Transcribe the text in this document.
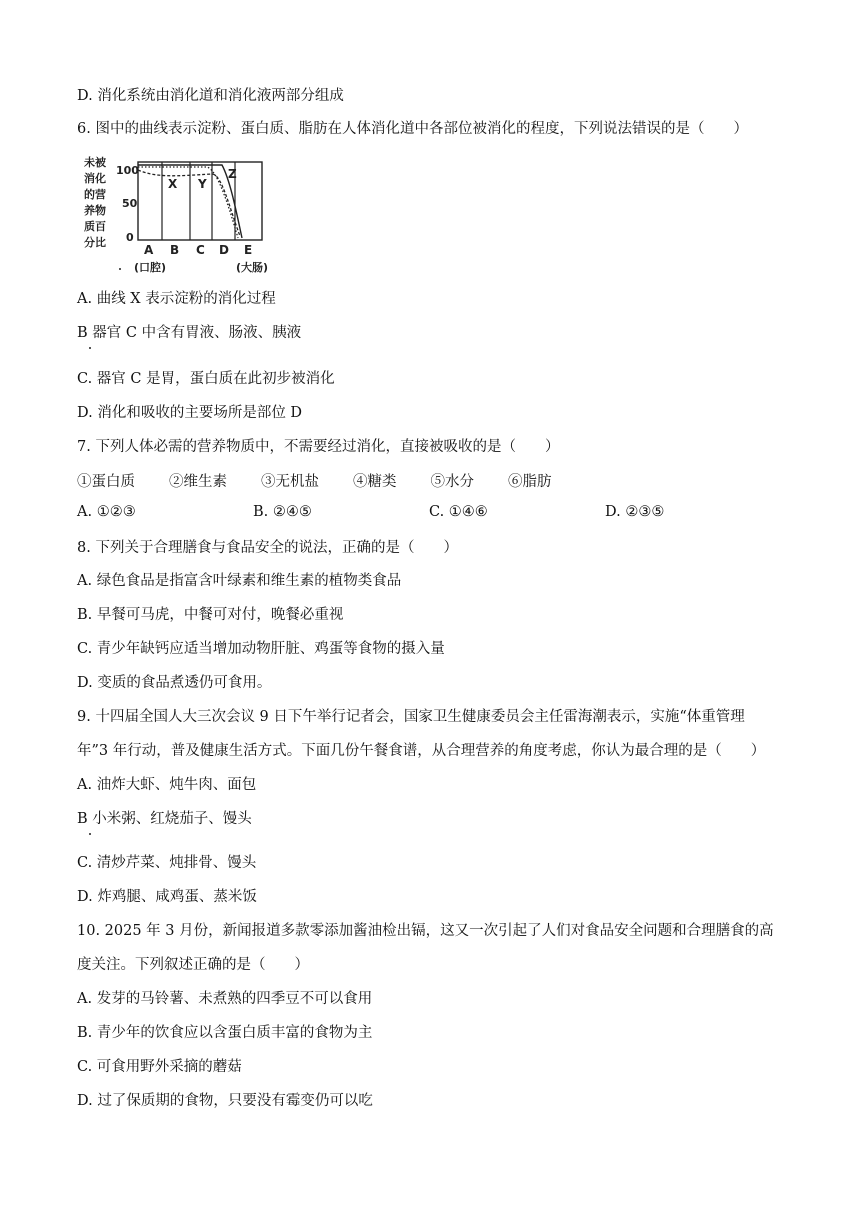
D. 消化系统由消化道和消化液两部分组成
6. 图中的曲线表示淀粉、蛋白质、脂肪在人体消化道中各部位被消化的程度，下列说法错误的是（　　）
未被
消化
的营
养物
质百
分比
100
50
0
X Y
Z
A B C D E
(口腔)	(大肠)
A. 曲线 X 表示淀粉的消化过程
B 器官 C 中含有胃液、肠液、胰液
C. 器官 C 是胃，蛋白质在此初步被消化
D. 消化和吸收的主要场所是部位 D
7. 下列人体必需的营养物质中，不需要经过消化，直接被吸收的是（　　）
①蛋白质 ②维生素 ③无机盐 ④糖类 ⑤水分 ⑥脂肪
A. ①②③	B. ②④⑤	C. ①④⑥	D. ②③⑤
8. 下列关于合理膳食与食品安全的说法，正确的是（　　）
A. 绿色食品是指富含叶绿素和维生素的植物类食品
B. 早餐可马虎，中餐可对付，晚餐必重视
C. 青少年缺钙应适当增加动物肝脏、鸡蛋等食物的摄入量
D. 变质的食品煮透仍可食用。
9. 十四届全国人大三次会议 9 日下午举行记者会，国家卫生健康委员会主任雷海潮表示，实施“体重管理
年”3 年行动，普及健康生活方式。下面几份午餐食谱，从合理营养的角度考虑，你认为最合理的是（　　）
A. 油炸大虾、炖牛肉、面包
B 小米粥、红烧茄子、馒头
C. 清炒芹菜、炖排骨、馒头
D. 炸鸡腿、咸鸡蛋、蒸米饭
10. 2025 年 3 月份，新闻报道多款零添加酱油检出镉，这又一次引起了人们对食品安全问题和合理膳食的高
度关注。下列叙述正确的是（　　）
A. 发芽的马铃薯、未煮熟的四季豆不可以食用
B. 青少年的饮食应以含蛋白质丰富的食物为主
C. 可食用野外采摘的蘑菇
D. 过了保质期的食物，只要没有霉变仍可以吃
